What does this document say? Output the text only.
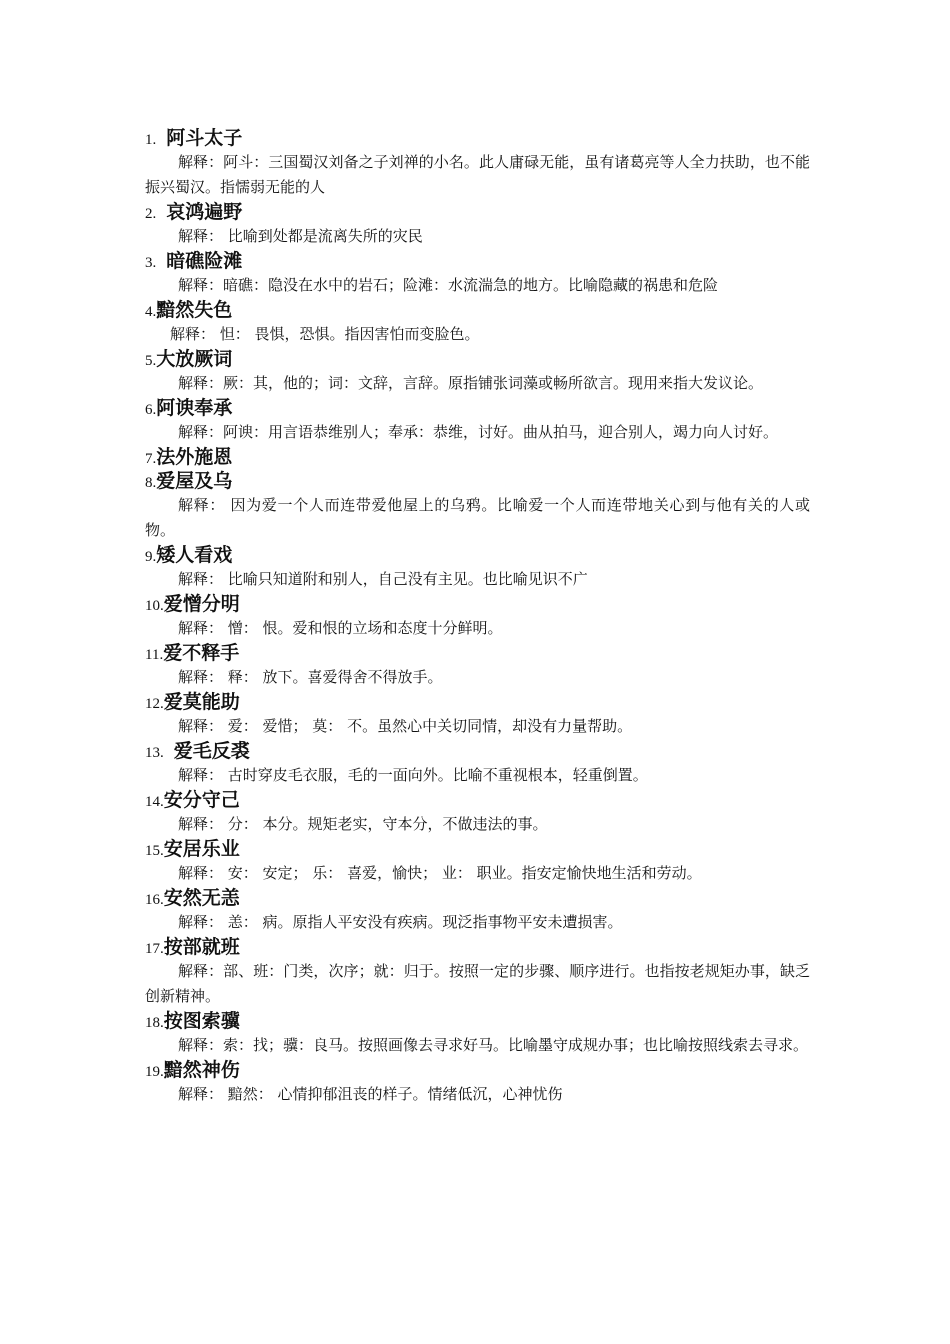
1. 阿斗太子

解释：阿斗：三国蜀汉刘备之子刘禅的小名。此人庸碌无能，虽有诸葛亮等人全力扶助，也不能振兴蜀汉。指懦弱无能的人

2. 哀鸿遍野

解释： 比喻到处都是流离失所的灾民

3. 暗礁险滩

解释：暗礁：隐没在水中的岩石；险滩：水流湍急的地方。比喻隐藏的祸患和危险

4.黯然失色

解释： 怛： 畏惧，恐惧。指因害怕而变脸色。

5.大放厥词

解释：厥：其，他的；词：文辞，言辞。原指铺张词藻或畅所欲言。现用来指大发议论。

6.阿谀奉承

解释：阿谀：用言语恭维别人；奉承：恭维，讨好。曲从拍马，迎合别人，竭力向人讨好。

7.法外施恩
8.爱屋及乌

解释： 因为爱一个人而连带爱他屋上的乌鸦。比喻爱一个人而连带地关心到与他有关的人或物。

9.矮人看戏

解释： 比喻只知道附和别人，自己没有主见。也比喻见识不广

10.爱憎分明

解释： 憎： 恨。爱和恨的立场和态度十分鲜明。

11.爱不释手

解释： 释： 放下。喜爱得舍不得放手。

12.爱莫能助

解释： 爱： 爱惜； 莫： 不。虽然心中关切同情，却没有力量帮助。

13. 爱毛反裘

解释： 古时穿皮毛衣服，毛的一面向外。比喻不重视根本，轻重倒置。

14.安分守己

解释： 分： 本分。规矩老实，守本分，不做违法的事。

15.安居乐业

解释： 安： 安定； 乐： 喜爱，愉快； 业： 职业。指安定愉快地生活和劳动。

16.安然无恙

解释： 恙： 病。原指人平安没有疾病。现泛指事物平安未遭损害。

17.按部就班

解释：部、班：门类，次序；就：归于。按照一定的步骤、顺序进行。也指按老规矩办事，缺乏创新精神。

18.按图索骥

解释：索：找；骥：良马。按照画像去寻求好马。比喻墨守成规办事；也比喻按照线索去寻求。

19.黯然神伤

解释： 黯然： 心情抑郁沮丧的样子。情绪低沉，心神忧伤
